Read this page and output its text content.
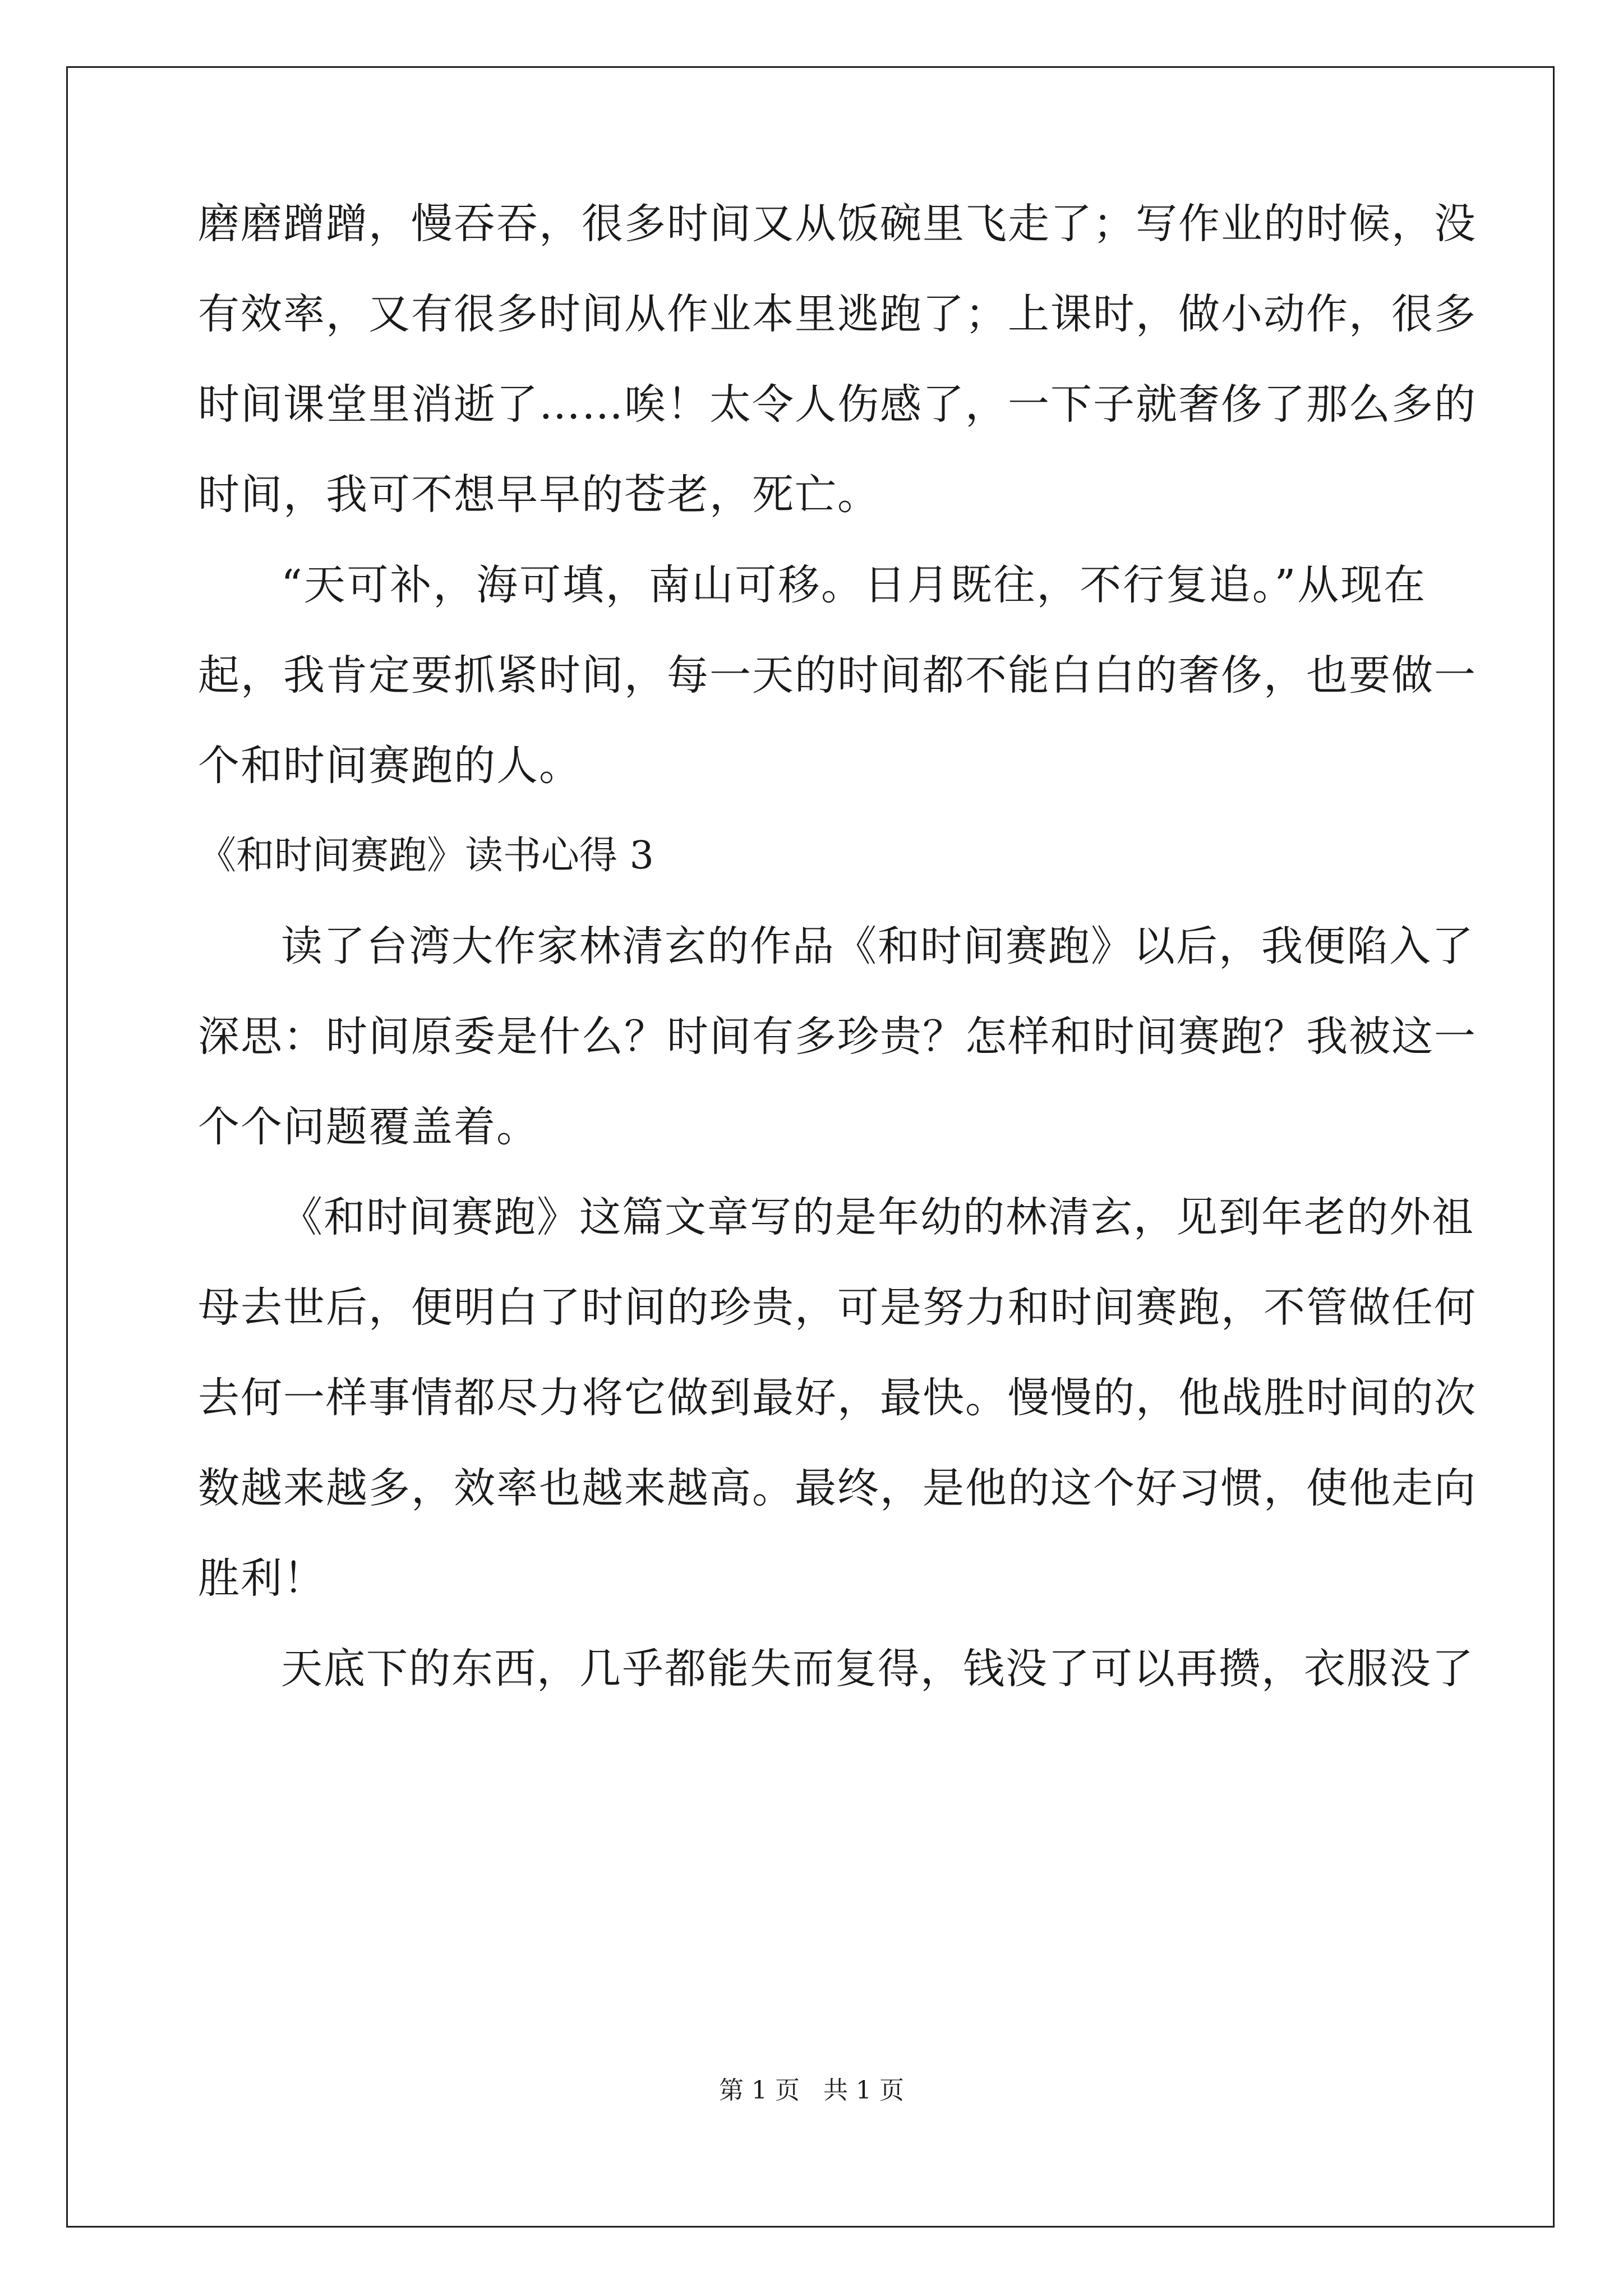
磨磨蹭蹭，慢吞吞，很多时间又从饭碗里飞走了；写作业的时候，没
有效率，又有很多时间从作业本里逃跑了；上课时，做小动作，很多
时间课堂里消逝了……唉！太令人伤感了，一下子就奢侈了那么多的
时间，我可不想早早的苍老，死亡。
“天可补，海可填，南山可移。日月既往，不行复追。”从现在
起，我肯定要抓紧时间，每一天的时间都不能白白的奢侈，也要做一
个和时间赛跑的人。
《和时间赛跑》读书心得 3
读了台湾大作家林清玄的作品《和时间赛跑》以后，我便陷入了
深思：时间原委是什么？时间有多珍贵？怎样和时间赛跑？我被这一
个个问题覆盖着。
《和时间赛跑》这篇文章写的是年幼的林清玄，见到年老的外祖
母去世后，便明白了时间的珍贵，可是努力和时间赛跑，不管做任何
去何一样事情都尽力将它做到最好，最快。慢慢的，他战胜时间的次
数越来越多，效率也越来越高。最终，是他的这个好习惯，使他走向
胜利！
天底下的东西，几乎都能失而复得，钱没了可以再攒，衣服没了
第 1 页   共 1 页
